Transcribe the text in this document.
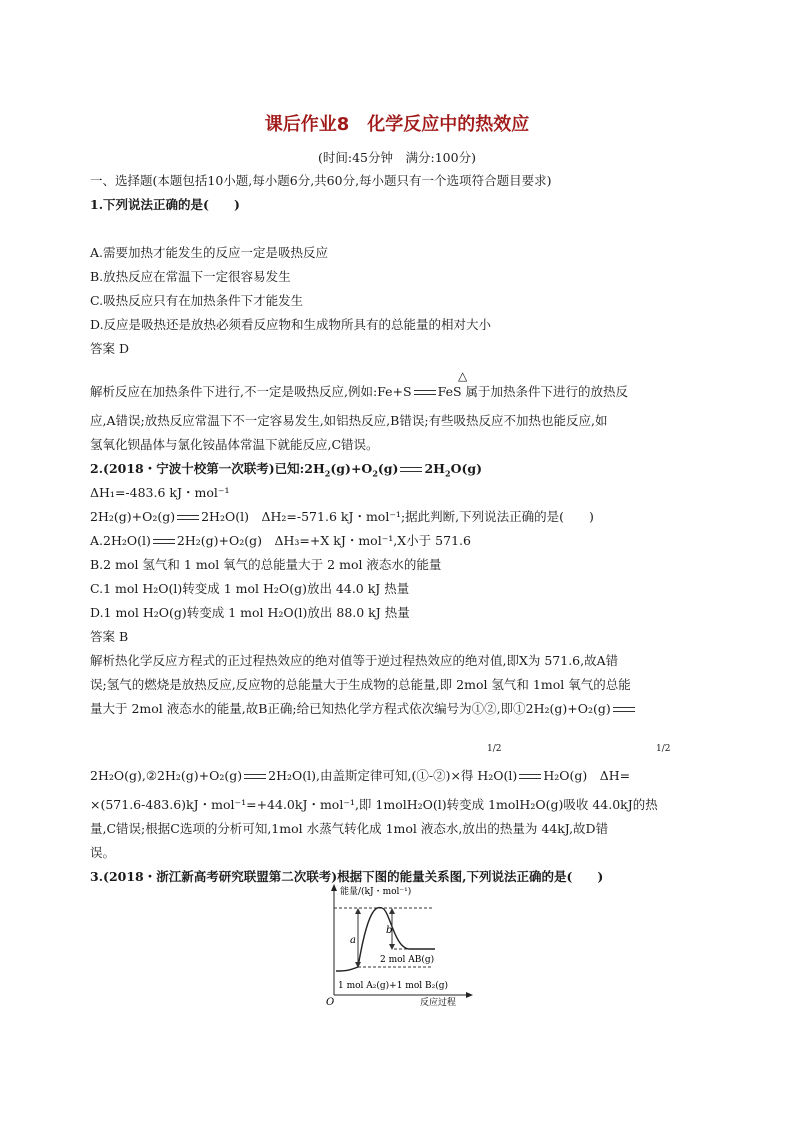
课后作业8　化学反应中的热效应
(时间:45分钟　满分:100分)
一、选择题(本题包括10小题,每小题6分,共60分,每小题只有一个选项符合题目要求)
1.下列说法正确的是(　　)
A.需要加热才能发生的反应一定是吸热反应
B.放热反应在常温下一定很容易发生
C.吸热反应只有在加热条件下才能发生
D.反应是吸热还是放热必须看反应物和生成物所具有的总能量的相对大小
答案 D
△
解析反应在加热条件下进行,不一定是吸热反应,例如:Fe+S FeS 属于加热条件下进行的放热反
应,A错误;放热反应常温下不一定容易发生,如铝热反应,B错误;有些吸热反应不加热也能反应,如
氢氧化钡晶体与氯化铵晶体常温下就能反应,C错误。
2.(2018・宁波十校第一次联考)已知$:2H_2(g)+O_2(g)$ $2H_2O(g)$
ΔH₁=-483.6 kJ・mol⁻¹
2H₂(g)+O₂(g) 2H₂O(l)　ΔH₂=-571.6 kJ・mol⁻¹;据此判断,下列说法正确的是(　　)
A.2H₂O(l) 2H₂(g)+O₂(g)　ΔH₃=+X kJ・mol⁻¹,X小于 571.6
B.2 mol 氢气和 1 mol 氧气的总能量大于 2 mol 液态水的能量
C.1 mol H₂O(l)转变成 1 mol H₂O(g)放出 44.0 kJ 热量
D.1 mol H₂O(g)转变成 1 mol H₂O(l)放出 88.0 kJ 热量
答案 B
解析热化学反应方程式的正过程热效应的绝对值等于逆过程热效应的绝对值,即X为 571.6,故A错
误;氢气的燃烧是放热反应,反应物的总能量大于生成物的总能量,即 2mol 氢气和 1mol 氧气的总能
量大于 2mol 液态水的能量,故B正确;给已知热化学方程式依次编号为①②,即①2H₂(g)+O₂(g)
1/2	1/2
2H₂O(g),②2H₂(g)+O₂(g) 2H₂O(l),由盖斯定律可知,(①-②)×得 H₂O(l) H₂O(g)　ΔH=
×(571.6-483.6)kJ・mol⁻¹=+44.0kJ・mol⁻¹,即 1molH₂O(l)转变成 1molH₂O(g)吸收 44.0kJ的热
量,C错误;根据C选项的分析可知,1mol 水蒸气转化成 1mol 液态水,放出的热量为 44kJ,故D错
误。
3.(2018・浙江新高考研究联盟第二次联考)根据下图的能量关系图,下列说法正确的是(　　)
能量/(kJ・mol⁻¹)
O	反应过程
a
b
2 mol AB(g)
1 mol A₂(g)+1 mol B₂(g)
